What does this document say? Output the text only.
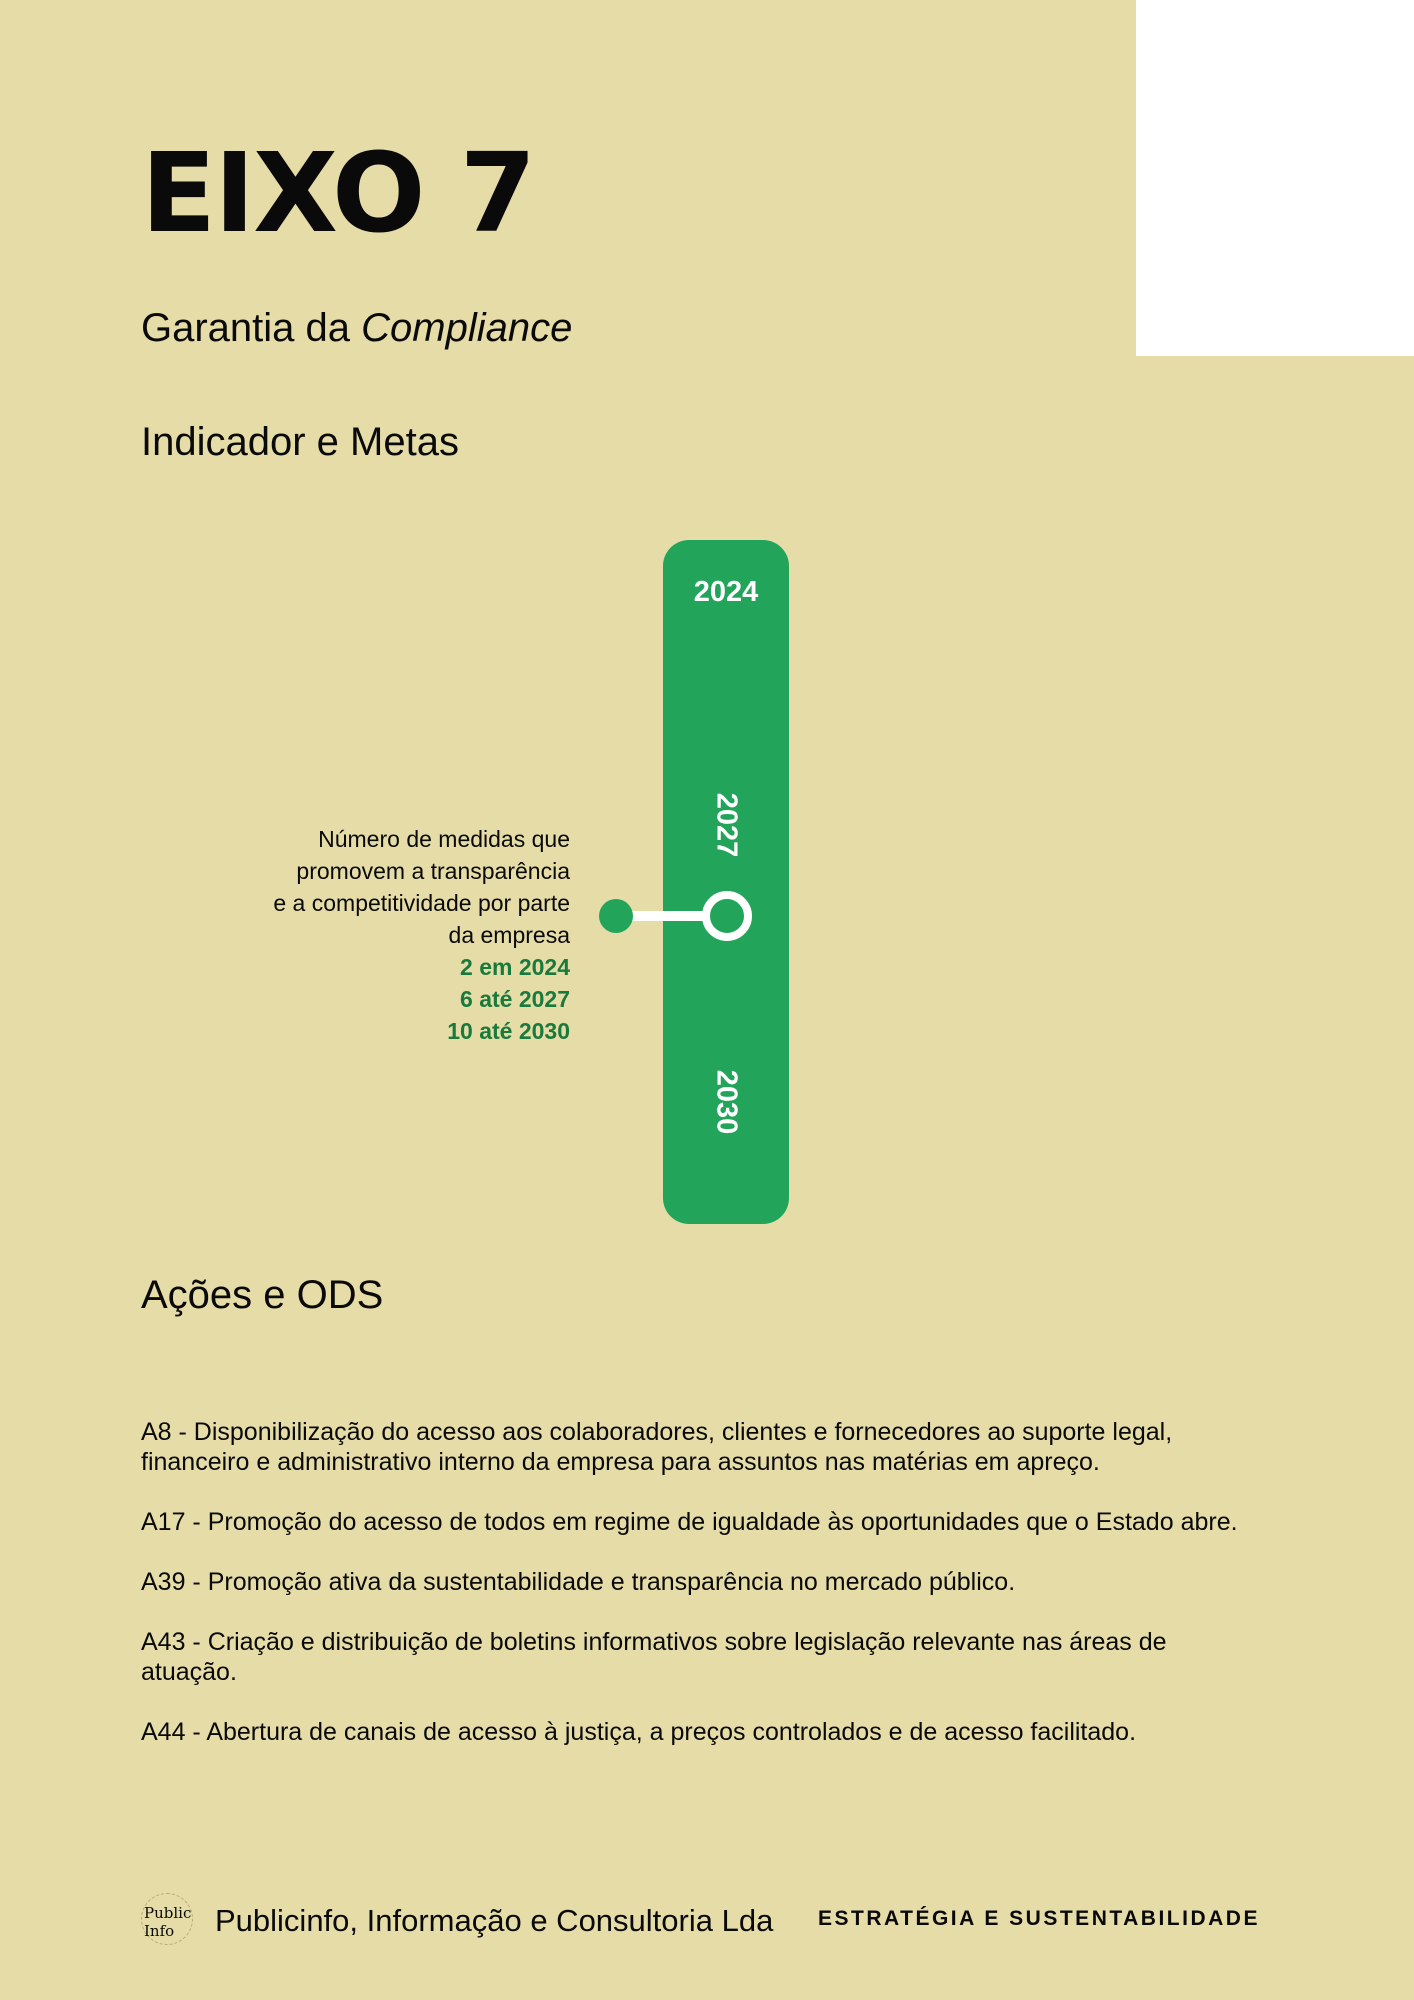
EIXO 7
Garantia da Compliance
Indicador e Metas
2024
2027
2030
Número de medidas que
promovem a transparência
e a competitividade por parte
da empresa
2 em 2024
6 até 2027
10 até 2030
Ações e ODS

A8 - Disponibilização do acesso aos colaboradores, clientes e fornecedores ao suporte legal, financeiro e administrativo interno da empresa para assuntos nas matérias em apreço.

A17 - Promoção do acesso de todos em regime de igualdade às oportunidades que o Estado abre.

A39 - Promoção ativa da sustentabilidade e transparência no mercado público.

A43 - Criação e distribuição de boletins informativos sobre legislação relevante nas áreas de atuação.

A44 - Abertura de canais de acesso à justiça, a preços controlados e de acesso facilitado.

Public
Info	Publicinfo, Informação e Consultoria Lda ESTRATÉGIA E SUSTENTABILIDADE
